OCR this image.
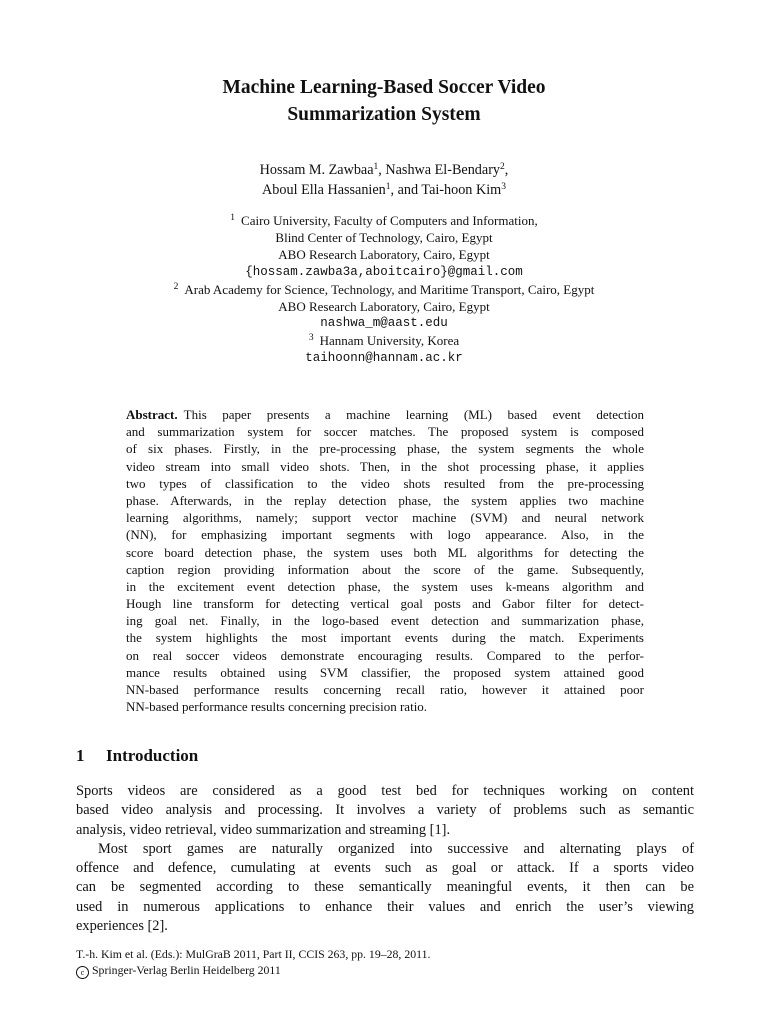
Machine Learning-Based Soccer Video
Summarization System
Hossam M. Zawbaa$^1$, Nashwa El-Bendary$^2$,
Aboul Ella Hassanien$^1$, and Tai-hoon Kim$^3$
$^1$ Cairo University, Faculty of Computers and Information,
Blind Center of Technology, Cairo, Egypt
ABO Research Laboratory, Cairo, Egypt
{hossam.zawba3a,aboitcairo}@gmail.com
$^2$ Arab Academy for Science, Technology, and Maritime Transport, Cairo, Egypt
ABO Research Laboratory, Cairo, Egypt
nashwa_m@aast.edu
$^3$ Hannam University, Korea
taihoonn@hannam.ac.kr
Abstract. This paper presents a machine learning (ML) based event detection
and summarization system for soccer matches. The proposed system is composed
of six phases. Firstly, in the pre-processing phase, the system segments the whole
video stream into small video shots. Then, in the shot processing phase, it applies
two types of classification to the video shots resulted from the pre-processing
phase. Afterwards, in the replay detection phase, the system applies two machine
learning algorithms, namely; support vector machine (SVM) and neural network
(NN), for emphasizing important segments with logo appearance. Also, in the
score board detection phase, the system uses both ML algorithms for detecting the
caption region providing information about the score of the game. Subsequently,
in the excitement event detection phase, the system uses k-means algorithm and
Hough line transform for detecting vertical goal posts and Gabor filter for detect-
ing goal net. Finally, in the logo-based event detection and summarization phase,
the system highlights the most important events during the match. Experiments
on real soccer videos demonstrate encouraging results. Compared to the perfor-
mance results obtained using SVM classifier, the proposed system attained good
NN-based performance results concerning recall ratio, however it attained poor
NN-based performance results concerning precision ratio.
1 Introduction
Sports videos are considered as a good test bed for techniques working on content
based video analysis and processing. It involves a variety of problems such as semantic
analysis, video retrieval, video summarization and streaming [1].
Most sport games are naturally organized into successive and alternating plays of
offence and defence, cumulating at events such as goal or attack. If a sports video
can be segmented according to these semantically meaningful events, it then can be
used in numerous applications to enhance their values and enrich the user’s viewing
experiences [2].
T.-h. Kim et al. (Eds.): MulGraB 2011, Part II, CCIS 263, pp. 19–28, 2011.
c Springer-Verlag Berlin Heidelberg 2011
